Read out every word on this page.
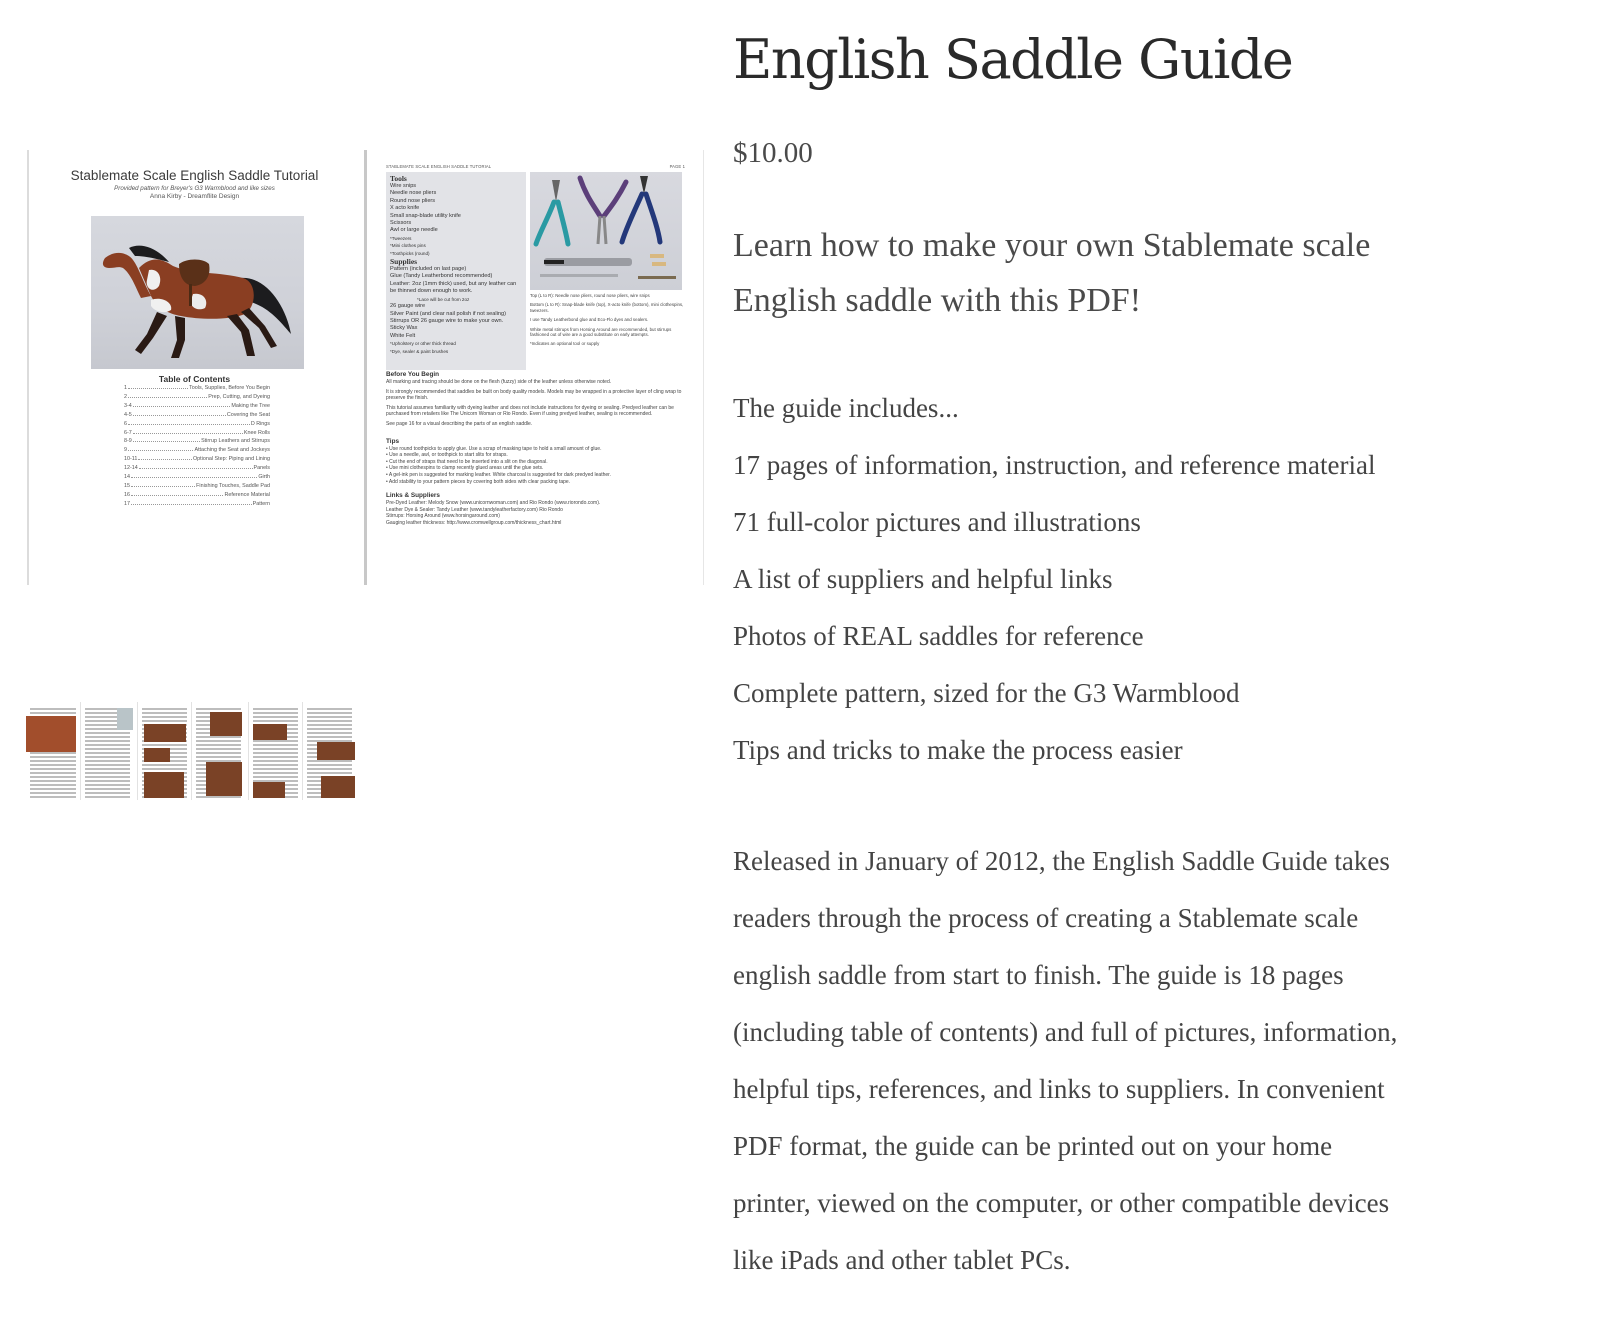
Stablemate Scale English Saddle Tutorial
Provided pattern for Breyer's G3 Warmblood and like sizes
Anna Kirby - Dreamflite Design
Table of Contents
1	Tools, Supplies, Before You Begin
2	Prep, Cutting, and Dyeing
3-4	Making the Tree
4-5	Covering the Seat
6	D Rings
6-7	Knee Rolls
8-9	Stirrup Leathers and Stirrups
9	Attaching the Seat and Jockeys
10-11	Optional Step: Piping and Lining
12-14	Panels
14	Girth
15	Finishing Touches, Saddle Pad
16	Reference Material
17	Pattern
STABLEMATE SCALE ENGLISH SADDLE TUTORIAL	PAGE 1
Tools
Wire snips
Needle nose pliers
Round nose pliers
X acto knife
Small snap-blade utility knife
Scissors
Awl or large needle
*Tweezers
*Mini clothes pins
*Toothpicks (round)
Supplies
Pattern (included on last page)
Glue (Tandy Leatherbond recommended)
Leather: 2oz (1mm thick) used, but any leather can be thinned down enough to work.
*Lace will be cut from 2oz
26 gauge wire
Silver Paint (and clear nail polish if not sealing)
Stirrups OR 26 gauge wire to make your own.
Sticky Wax
White Felt
*Upholstery or other thick thread
*Dye, sealer & paint brushes

Top (L to R): Needle nose pliers, round nose pliers, wire snips

Bottom (L to R): Snap-blade knife (top), X-acto knife (bottom), mini clothespins, tweezers.

I use Tandy Leatherbond glue and Eco-Flo dyes and sealers.

White metal stirrups from Horsing Around are recommended, but stirrups fashioned out of wire are a good substitute on early attempts.

*Indicates an optional tool or supply

Before You Begin

All marking and tracing should be done on the flesh (fuzzy) side of the leather unless otherwise noted.

It is strongly recommended that saddles be built on body quality models. Models may be wrapped in a protective layer of cling wrap to preserve the finish.

This tutorial assumes familiarity with dyeing leather and does not include instructions for dyeing or sealing. Predyed leather can be purchased from retailers like The Unicorn Woman or Rio Rondo. Even if using predyed leather, sealing is recommended.

See page 16 for a visual describing the parts of an english saddle.

Tips
• Use round toothpicks to apply glue. Use a scrap of masking tape to hold a small amount of glue.
• Use a needle, awl, or toothpick to start slits for straps.
• Cut the end of straps that need to be inserted into a slit on the diagonal.
• Use mini clothespins to clamp recently glued areas until the glue sets.
• A gel-ink pen is suggested for marking leather. White charcoal is suggested for dark predyed leather.
• Add stability to your pattern pieces by covering both sides with clear packing tape.
Links & Suppliers
Pre-Dyed Leather: Melody Snow (www.unicornwoman.com) and Rio Rondo (www.riorondo.com).
Leather Dye & Sealer: Tandy Leather (www.tandyleatherfactory.com) Rio Rondo
Stirrups: Horsing Around (www.horsingaround.com)
Gauging leather thickness: http://www.cromwellgroup.com/thickness_chart.html
English Saddle Guide
$10.00

Learn how to make your own Stablemate scale English saddle with this PDF!

The guide includes...
17 pages of information, instruction, and reference material
71 full-color pictures and illustrations
A list of suppliers and helpful links
Photos of REAL saddles for reference
Complete pattern, sized for the G3 Warmblood
Tips and tricks to make the process easier

Released in January of 2012, the English Saddle Guide takes readers through the process of creating a Stablemate scale english saddle from start to finish. The guide is 18 pages (including table of contents) and full of pictures, information, helpful tips, references, and links to suppliers. In convenient PDF format, the guide can be printed out on your home printer, viewed on the computer, or other compatible devices like iPads and other tablet PCs.
